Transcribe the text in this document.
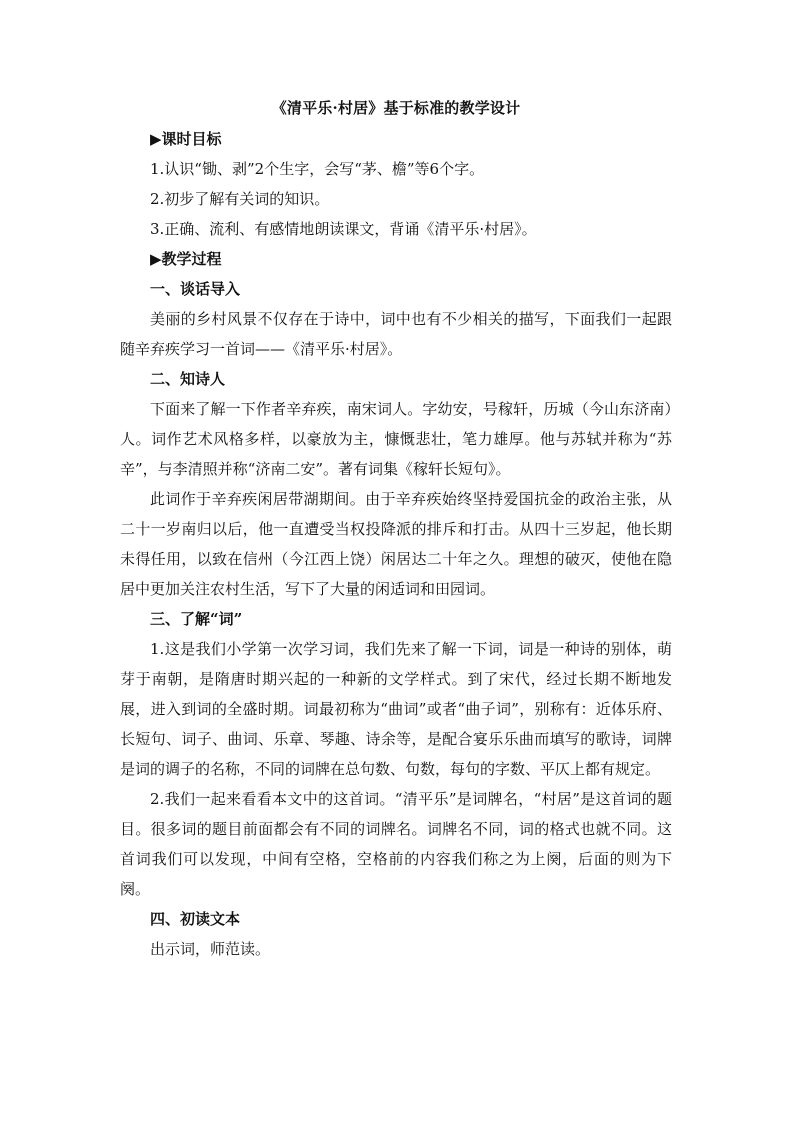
《清平乐·村居》基于标准的教学设计
▶课时目标
1.认识“锄、剥”2个生字，会写“茅、檐”等6个字。
2.初步了解有关词的知识。
3.正确、流利、有感情地朗读课文，背诵《清平乐·村居》。
▶教学过程
一、谈话导入
美丽的乡村风景不仅存在于诗中，词中也有不少相关的描写，下面我们一起跟随辛弃疾学习一首词——《清平乐·村居》。
二、知诗人
下面来了解一下作者辛弃疾，南宋词人。字幼安，号稼轩，历城（今山东济南）人。词作艺术风格多样，以豪放为主，慷慨悲壮，笔力雄厚。他与苏轼并称为“苏辛”，与李清照并称“济南二安”。著有词集《稼轩长短句》。
此词作于辛弃疾闲居带湖期间。由于辛弃疾始终坚持爱国抗金的政治主张，从二十一岁南归以后，他一直遭受当权投降派的排斥和打击。从四十三岁起，他长期未得任用，以致在信州（今江西上饶）闲居达二十年之久。理想的破灭，使他在隐居中更加关注农村生活，写下了大量的闲适词和田园词。
三、了解“词”
1.这是我们小学第一次学习词，我们先来了解一下词，词是一种诗的别体，萌芽于南朝，是隋唐时期兴起的一种新的文学样式。到了宋代，经过长期不断地发展，进入到词的全盛时期。词最初称为“曲词”或者“曲子词”，别称有：近体乐府、长短句、词子、曲词、乐章、琴趣、诗余等，是配合宴乐乐曲而填写的歌诗，词牌是词的调子的名称，不同的词牌在总句数、句数，每句的字数、平仄上都有规定。
2.我们一起来看看本文中的这首词。“清平乐”是词牌名，“村居”是这首词的题目。很多词的题目前面都会有不同的词牌名。词牌名不同，词的格式也就不同。这首词我们可以发现，中间有空格，空格前的内容我们称之为上阕，后面的则为下阕。
四、初读文本
出示词，师范读。
